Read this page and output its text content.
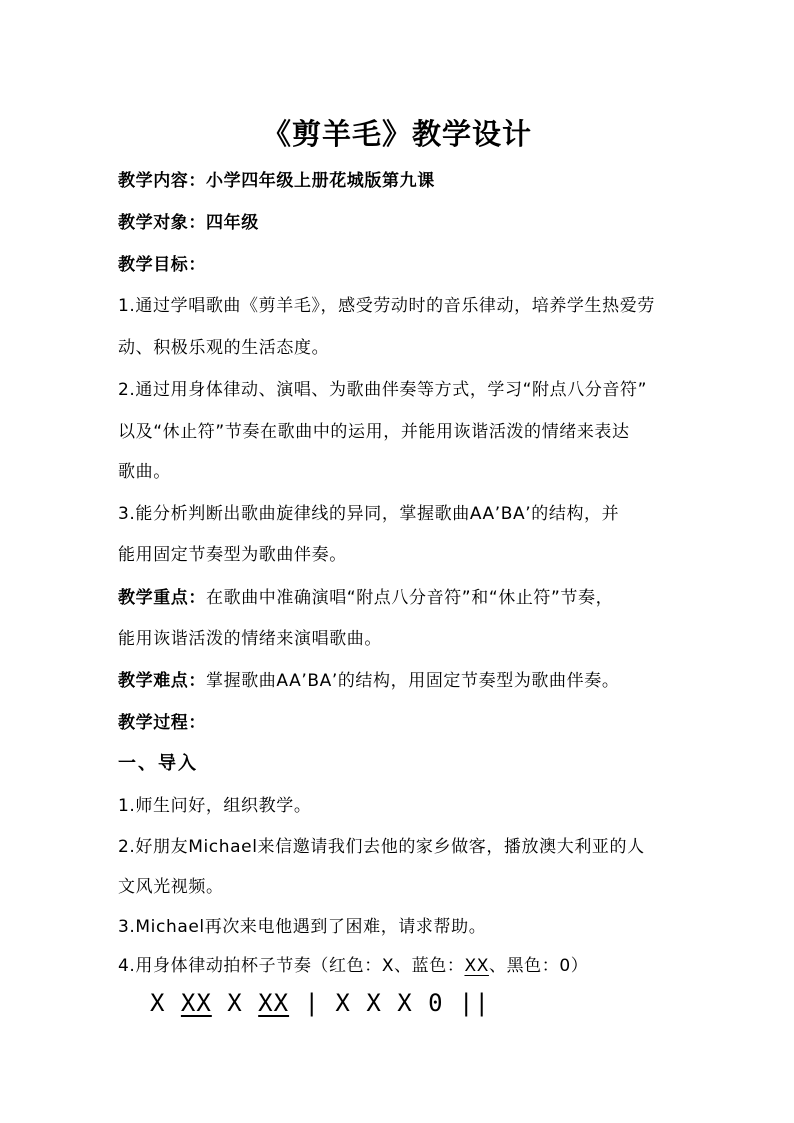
《剪羊毛》教学设计
教学内容：小学四年级上册花城版第九课
教学对象：四年级
教学目标：
1.通过学唱歌曲《剪羊毛》，感受劳动时的音乐律动，培养学生热爱劳
动、积极乐观的生活态度。
2.通过用身体律动、演唱、为歌曲伴奏等方式，学习“附点八分音符”
以及“休止符”节奏在歌曲中的运用，并能用诙谐活泼的情绪来表达
歌曲。
3.能分析判断出歌曲旋律线的异同，掌握歌曲AA’BA’的结构，并
能用固定节奏型为歌曲伴奏。
教学重点：在歌曲中准确演唱“附点八分音符”和“休止符”节奏，
能用诙谐活泼的情绪来演唱歌曲。
教学难点：掌握歌曲AA’BA’的结构，用固定节奏型为歌曲伴奏。
教学过程：
一、导入
1.师生问好，组织教学。
2.好朋友Michael来信邀请我们去他的家乡做客，播放澳大利亚的人
文风光视频。
3.Michael再次来电他遇到了困难，请求帮助。
4.用身体律动拍杯子节奏（红色：X、蓝色：XX、黑色：0）
X XX X XX | X X X 0 ||
